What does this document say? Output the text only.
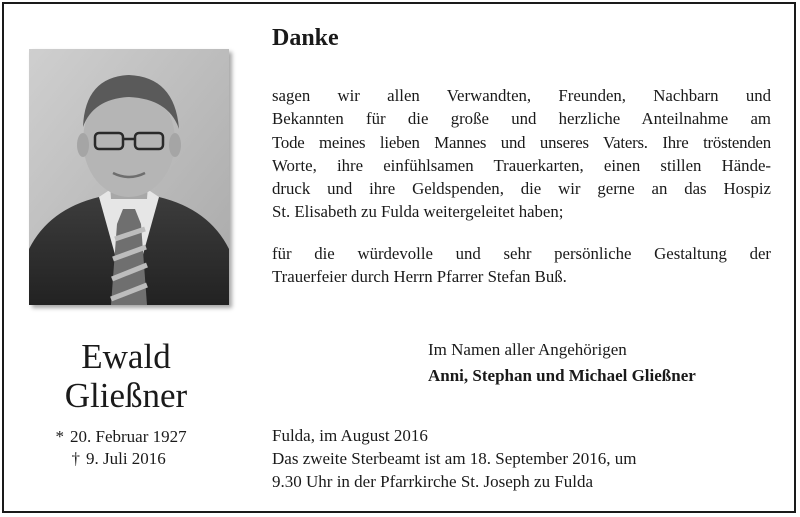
Ewald
Gließner
* 20. Februar 1927
† 9. Juli 2016
Danke
sagen wir allen Verwandten, Freunden, Nachbarn und
Bekannten für die große und herzliche Anteilnahme am
Tode meines lieben Mannes und unseres Vaters. Ihre tröstenden
Worte, ihre einfühlsamen Trauerkarten, einen stillen Hände-
druck und ihre Geldspenden, die wir gerne an das Hospiz
St. Elisabeth zu Fulda weitergeleitet haben;
für die würdevolle und sehr persönliche Gestaltung der
Trauerfeier durch Herrn Pfarrer Stefan Buß.
Im Namen aller Angehörigen
Anni, Stephan und Michael Gließner
Fulda, im August 2016
Das zweite Sterbeamt ist am 18. September 2016, um
9.30 Uhr in der Pfarrkirche St. Joseph zu Fulda
